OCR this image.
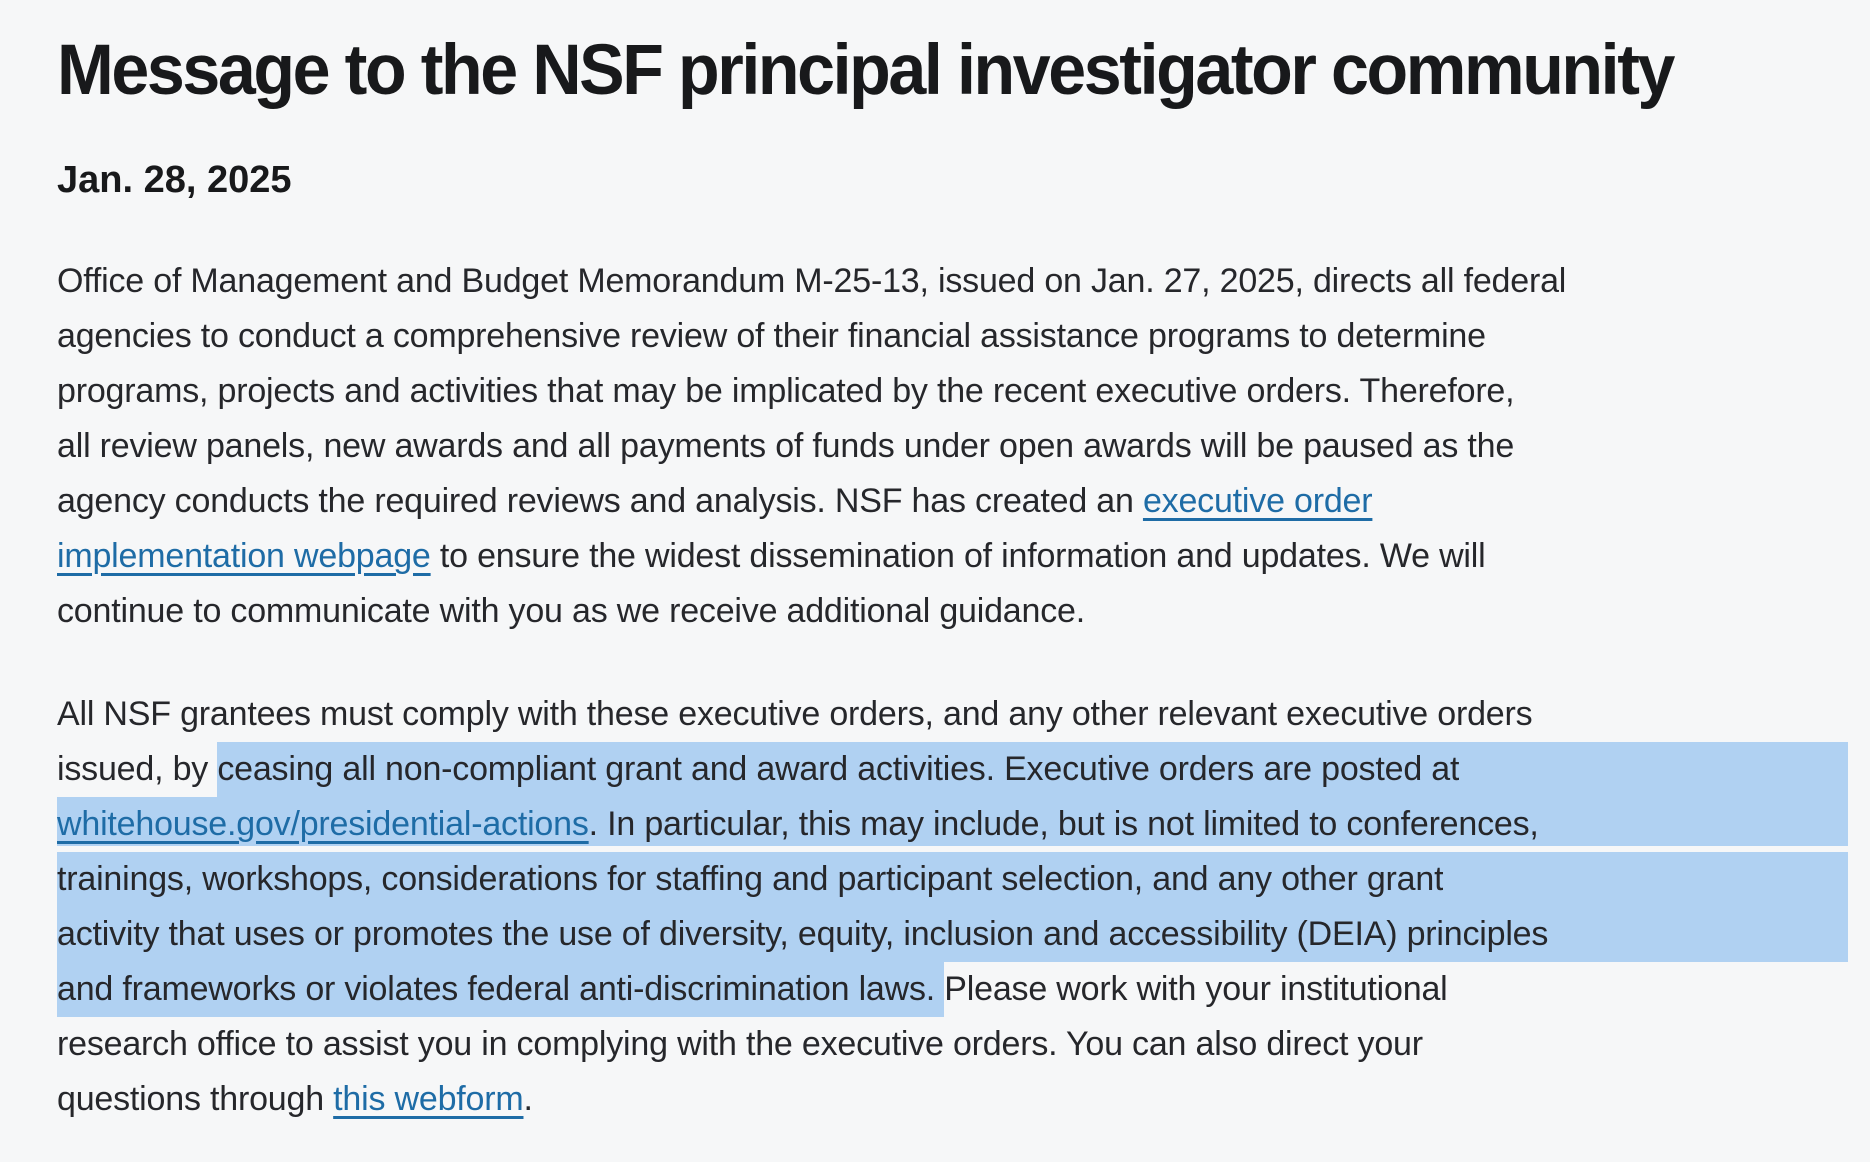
Message to the NSF principal investigator community
Jan. 28, 2025
Office of Management and Budget Memorandum M-25-13, issued on Jan. 27, 2025, directs all federal
agencies to conduct a comprehensive review of their financial assistance programs to determine
programs, projects and activities that may be implicated by the recent executive orders. Therefore,
all review panels, new awards and all payments of funds under open awards will be paused as the
agency conducts the required reviews and analysis. NSF has created an executive order
implementation webpage to ensure the widest dissemination of information and updates. We will
continue to communicate with you as we receive additional guidance.
All NSF grantees must comply with these executive orders, and any other relevant executive orders
issued, by ceasing all non-compliant grant and award activities. Executive orders are posted at
whitehouse.gov/presidential-actions . In particular, this may include, but is not limited to conferences,
trainings, workshops, considerations for staffing and participant selection, and any other grant
activity that uses or promotes the use of diversity, equity, inclusion and accessibility (DEIA) principles
and frameworks or violates federal anti-discrimination laws. Please work with your institutional
research office to assist you in complying with the executive orders. You can also direct your
questions through this webform .
